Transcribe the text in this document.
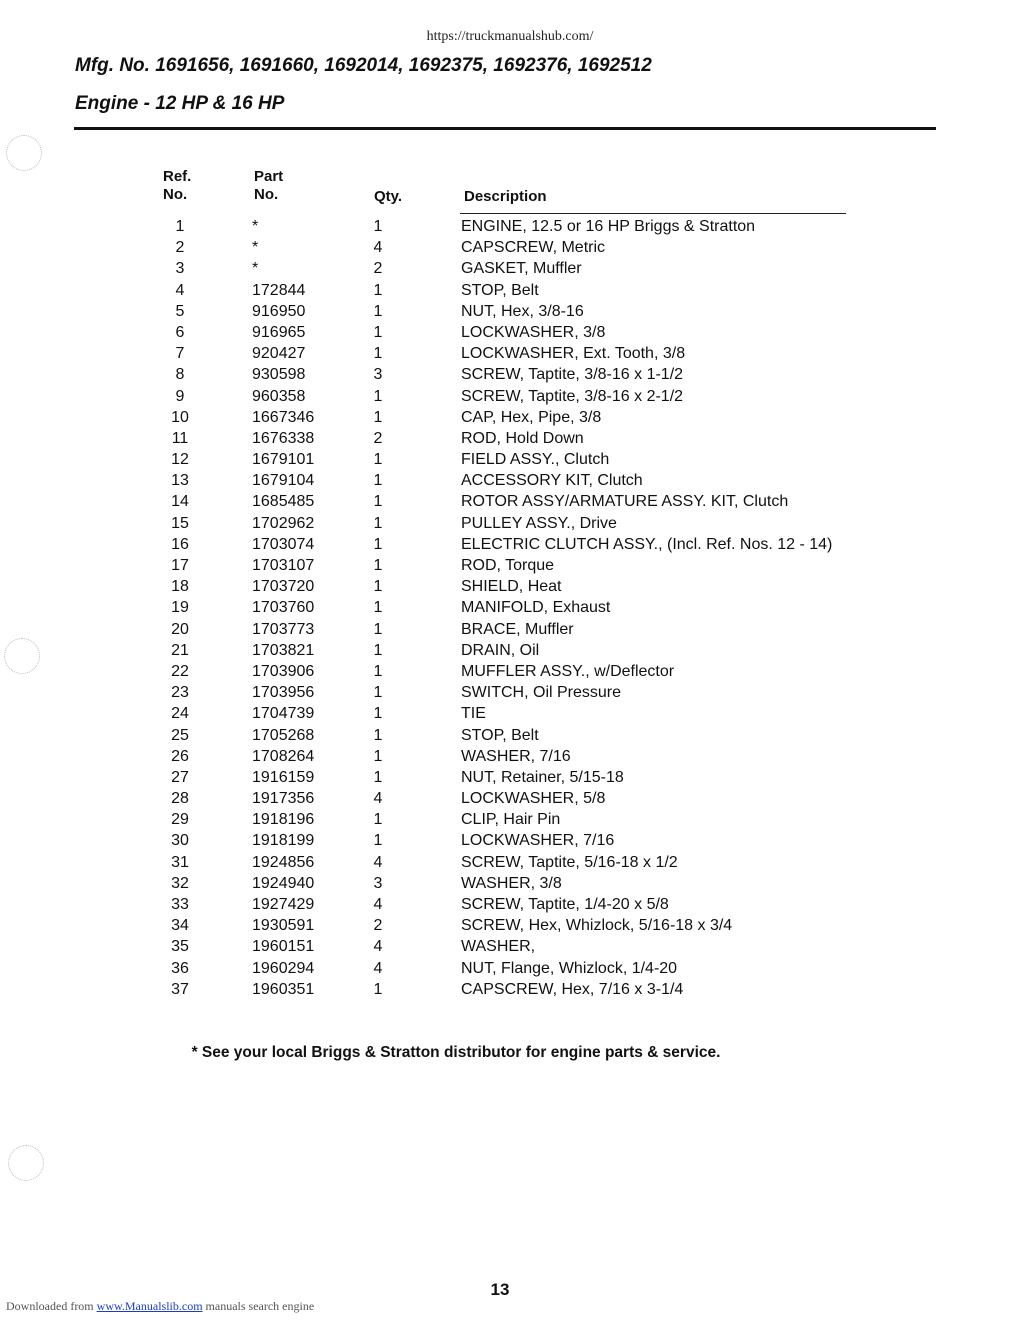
https://truckmanualshub.com/
Mfg. No. 1691656, 1691660, 1692014, 1692375, 1692376, 1692512
Engine - 12 HP & 16 HP
Ref.
No.
Part
No.	Qty.	Description
1	*	1	ENGINE, 12.5 or 16 HP Briggs & Stratton
2	*	4	CAPSCREW, Metric
3	*	2	GASKET, Muffler
4	172844	1	STOP, Belt
5	916950	1	NUT, Hex, 3/8-16
6	916965	1	LOCKWASHER, 3/8
7	920427	1	LOCKWASHER, Ext. Tooth, 3/8
8	930598	3	SCREW, Taptite, 3/8-16 x 1-1/2
9	960358	1	SCREW, Taptite, 3/8-16 x 2-1/2
10	1667346	1	CAP, Hex, Pipe, 3/8
11	1676338	2	ROD, Hold Down
12	1679101	1	FIELD ASSY., Clutch
13	1679104	1	ACCESSORY KIT, Clutch
14	1685485	1	ROTOR ASSY/ARMATURE ASSY. KIT, Clutch
15	1702962	1	PULLEY ASSY., Drive
16	1703074	1	ELECTRIC CLUTCH ASSY., (Incl. Ref. Nos. 12 - 14)
17	1703107	1	ROD, Torque
18	1703720	1	SHIELD, Heat
19	1703760	1	MANIFOLD, Exhaust
20	1703773	1	BRACE, Muffler
21	1703821	1	DRAIN, Oil
22	1703906	1	MUFFLER ASSY., w/Deflector
23	1703956	1	SWITCH, Oil Pressure
24	1704739	1	TIE
25	1705268	1	STOP, Belt
26	1708264	1	WASHER, 7/16
27	1916159	1	NUT, Retainer, 5/15-18
28	1917356	4	LOCKWASHER, 5/8
29	1918196	1	CLIP, Hair Pin
30	1918199	1	LOCKWASHER, 7/16
31	1924856	4	SCREW, Taptite, 5/16-18 x 1/2
32	1924940	3	WASHER, 3/8
33	1927429	4	SCREW, Taptite, 1/4-20 x 5/8
34	1930591	2	SCREW, Hex, Whizlock, 5/16-18 x 3/4
35	1960151	4	WASHER,
36	1960294	4	NUT, Flange, Whizlock, 1/4-20
37	1960351	1	CAPSCREW, Hex, 7/16 x 3-1/4
* See your local Briggs & Stratton distributor for engine parts & service.
13
Downloaded from www.Manualslib.com manuals search engine
